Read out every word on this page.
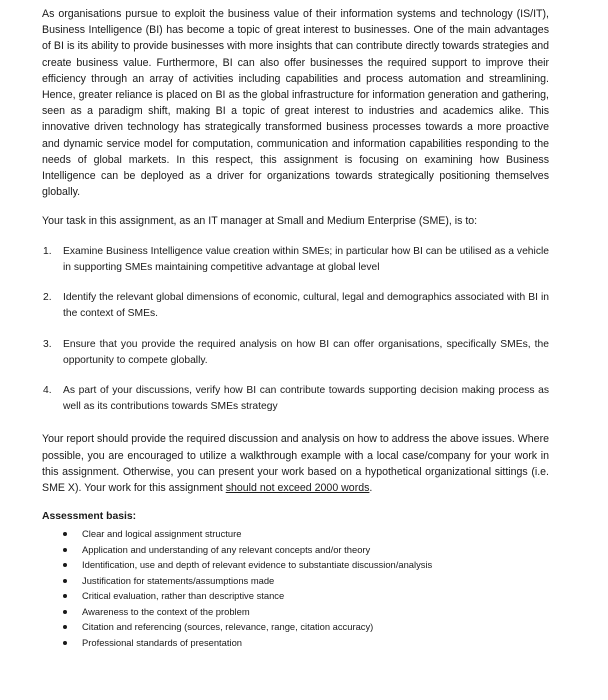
As organisations pursue to exploit the business value of their information systems and technology (IS/IT), Business Intelligence (BI) has become a topic of great interest to businesses. One of the main advantages of BI is its ability to provide businesses with more insights that can contribute directly towards strategies and create business value. Furthermore, BI can also offer businesses the required support to improve their efficiency through an array of activities including capabilities and process automation and streamlining. Hence, greater reliance is placed on BI as the global infrastructure for information generation and gathering, seen as a paradigm shift, making BI a topic of great interest to industries and academics alike. This innovative driven technology has strategically transformed business processes towards a more proactive and dynamic service model for computation, communication and information capabilities responding to the needs of global markets. In this respect, this assignment is focusing on examining how Business Intelligence can be deployed as a driver for organizations towards strategically positioning themselves globally.

Your task in this assignment, as an IT manager at Small and Medium Enterprise (SME), is to:

1. Examine Business Intelligence value creation within SMEs; in particular how BI can be utilised as a vehicle in supporting SMEs maintaining competitive advantage at global level
2. Identify the relevant global dimensions of economic, cultural, legal and demographics associated with BI in the context of SMEs.
3. Ensure that you provide the required analysis on how BI can offer organisations, specifically SMEs, the opportunity to compete globally.
4. As part of your discussions, verify how BI can contribute towards supporting decision making process as well as its contributions towards SMEs strategy

Your report should provide the required discussion and analysis on how to address the above issues. Where possible, you are encouraged to utilize a walkthrough example with a local case/company for your work in this assignment. Otherwise, you can present your work based on a hypothetical organizational sittings (i.e. SME X). Your work for this assignment should not exceed 2000 words.

Assessment basis:
Clear and logical assignment structure
Application and understanding of any relevant concepts and/or theory
Identification, use and depth of relevant evidence to substantiate discussion/analysis
Justification for statements/assumptions made
Critical evaluation, rather than descriptive stance
Awareness to the context of the problem
Citation and referencing (sources, relevance, range, citation accuracy)
Professional standards of presentation
